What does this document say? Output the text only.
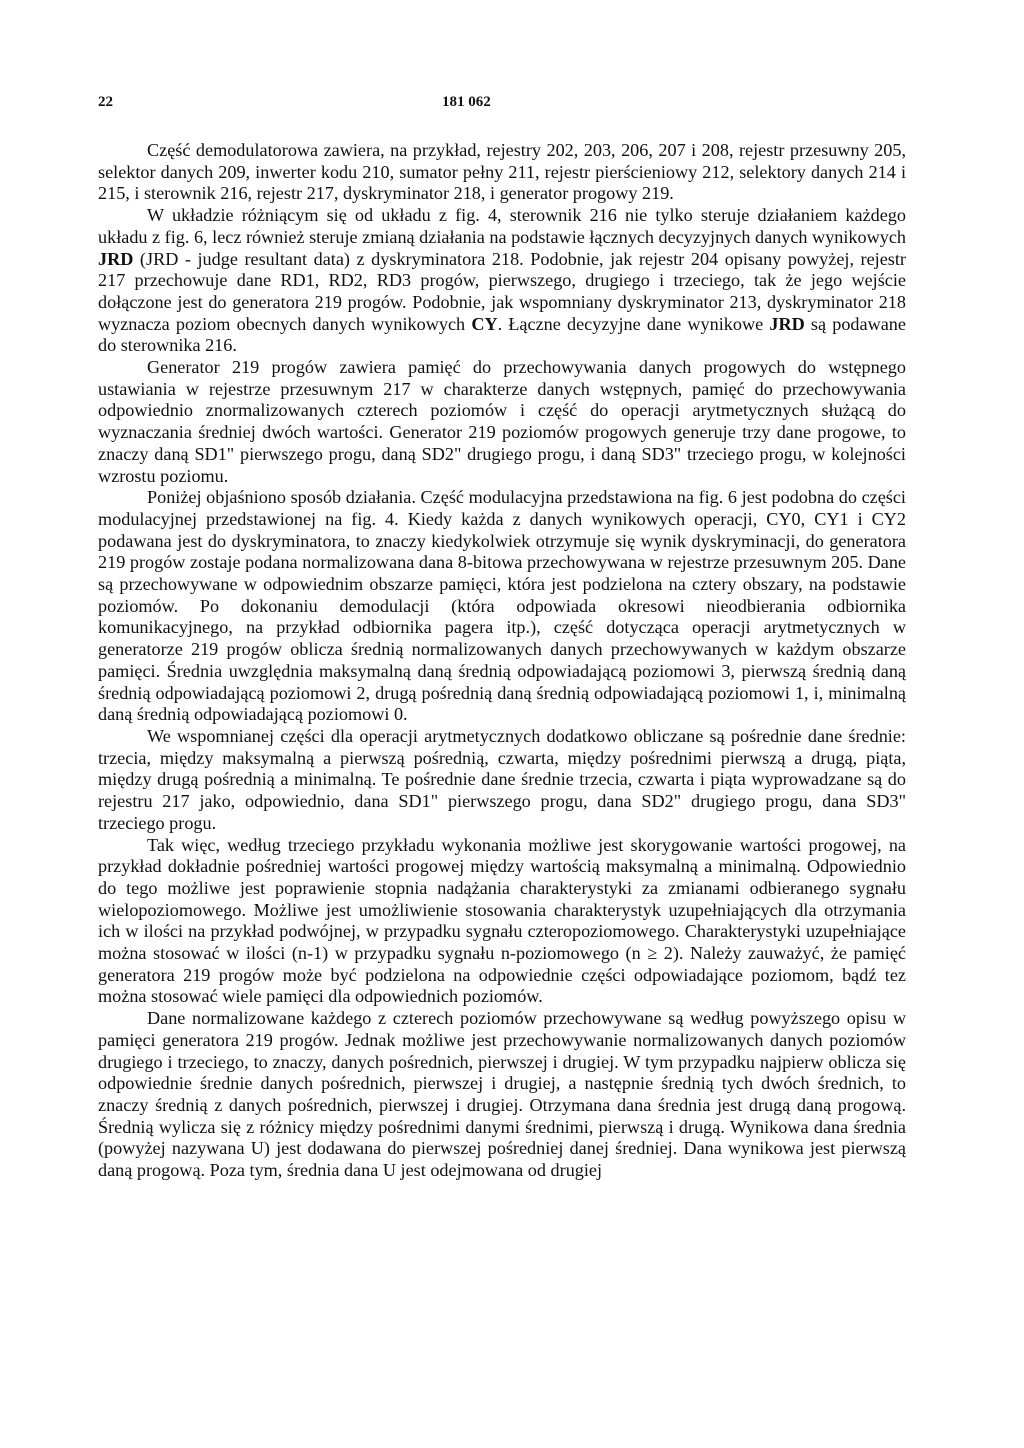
22	181 062

Część demodulatorowa zawiera, na przykład, rejestry 202, 203, 206, 207 i 208, rejestr przesuwny 205, selektor danych 209, inwerter kodu 210, sumator pełny 211, rejestr pierścieniowy 212, selektory danych 214 i 215, i sterownik 216, rejestr 217, dyskryminator 218, i generator progowy 219.

W układzie różniącym się od układu z fig. 4, sterownik 216 nie tylko steruje działaniem każdego układu z fig. 6, lecz również steruje zmianą działania na podstawie łącznych decyzyjnych danych wynikowych JRD (JRD - judge resultant data) z dyskryminatora 218. Podobnie, jak rejestr 204 opisany powyżej, rejestr 217 przechowuje dane RD1, RD2, RD3 progów, pierwszego, drugiego i trzeciego, tak że jego wejście dołączone jest do generatora 219 progów. Podobnie, jak wspomniany dyskryminator 213, dyskryminator 218 wyznacza poziom obecnych danych wynikowych CY. Łączne decyzyjne dane wynikowe JRD są podawane do sterownika 216.

Generator 219 progów zawiera pamięć do przechowywania danych progowych do wstępnego ustawiania w rejestrze przesuwnym 217 w charakterze danych wstępnych, pamięć do przechowywania odpowiednio znormalizowanych czterech poziomów i część do operacji arytmetycznych służącą do wyznaczania średniej dwóch wartości. Generator 219 poziomów progowych generuje trzy dane progowe, to znaczy daną SD1" pierwszego progu, daną SD2" drugiego progu, i daną SD3" trzeciego progu, w kolejności wzrostu poziomu.

Poniżej objaśniono sposób działania. Część modulacyjna przedstawiona na fig. 6 jest podobna do części modulacyjnej przedstawionej na fig. 4. Kiedy każda z danych wynikowych operacji, CY0, CY1 i CY2 podawana jest do dyskryminatora, to znaczy kiedykolwiek otrzymuje się wynik dyskryminacji, do generatora 219 progów zostaje podana normalizowana dana 8-bitowa przechowywana w rejestrze przesuwnym 205. Dane są przechowywane w odpowiednim obszarze pamięci, która jest podzielona na cztery obszary, na podstawie poziomów. Po dokonaniu demodulacji (która odpowiada okresowi nieodbierania odbiornika komunikacyjnego, na przykład odbiornika pagera itp.), część dotycząca operacji arytmetycznych w generatorze 219 progów oblicza średnią normalizowanych danych przechowywanych w każdym obszarze pamięci. Średnia uwzględnia maksymalną daną średnią odpowiadającą poziomowi 3, pierwszą średnią daną średnią odpowiadającą poziomowi 2, drugą pośrednią daną średnią odpowiadającą poziomowi 1, i, minimalną daną średnią odpowiadającą poziomowi 0.

We wspomnianej części dla operacji arytmetycznych dodatkowo obliczane są pośrednie dane średnie: trzecia, między maksymalną a pierwszą pośrednią, czwarta, między pośrednimi pierwszą a drugą, piąta, między drugą pośrednią a minimalną. Te pośrednie dane średnie trzecia, czwarta i piąta wyprowadzane są do rejestru 217 jako, odpowiednio, dana SD1" pierwszego progu, dana SD2" drugiego progu, dana SD3" trzeciego progu.

Tak więc, według trzeciego przykładu wykonania możliwe jest skorygowanie wartości progowej, na przykład dokładnie pośredniej wartości progowej między wartością maksymalną a minimalną. Odpowiednio do tego możliwe jest poprawienie stopnia nadążania charakterystyki za zmianami odbieranego sygnału wielopoziomowego. Możliwe jest umożliwienie stosowania charakterystyk uzupełniających dla otrzymania ich w ilości na przykład podwójnej, w przypadku sygnału czteropoziomowego. Charakterystyki uzupełniające można stosować w ilości (n-1) w przypadku sygnału n-poziomowego (n ≥ 2). Należy zauważyć, że pamięć generatora 219 progów może być podzielona na odpowiednie części odpowiadające poziomom, bądź tez można stosować wiele pamięci dla odpowiednich poziomów.

Dane normalizowane każdego z czterech poziomów przechowywane są według powyższego opisu w pamięci generatora 219 progów. Jednak możliwe jest przechowywanie normalizowanych danych poziomów drugiego i trzeciego, to znaczy, danych pośrednich, pierwszej i drugiej. W tym przypadku najpierw oblicza się odpowiednie średnie danych pośrednich, pierwszej i drugiej, a następnie średnią tych dwóch średnich, to znaczy średnią z danych pośrednich, pierwszej i drugiej. Otrzymana dana średnia jest drugą daną progową. Średnią wylicza się z różnicy między pośrednimi danymi średnimi, pierwszą i drugą. Wynikowa dana średnia (powyżej nazywana U) jest dodawana do pierwszej pośredniej danej średniej. Dana wynikowa jest pierwszą daną progową. Poza tym, średnia dana U jest odejmowana od drugiej
